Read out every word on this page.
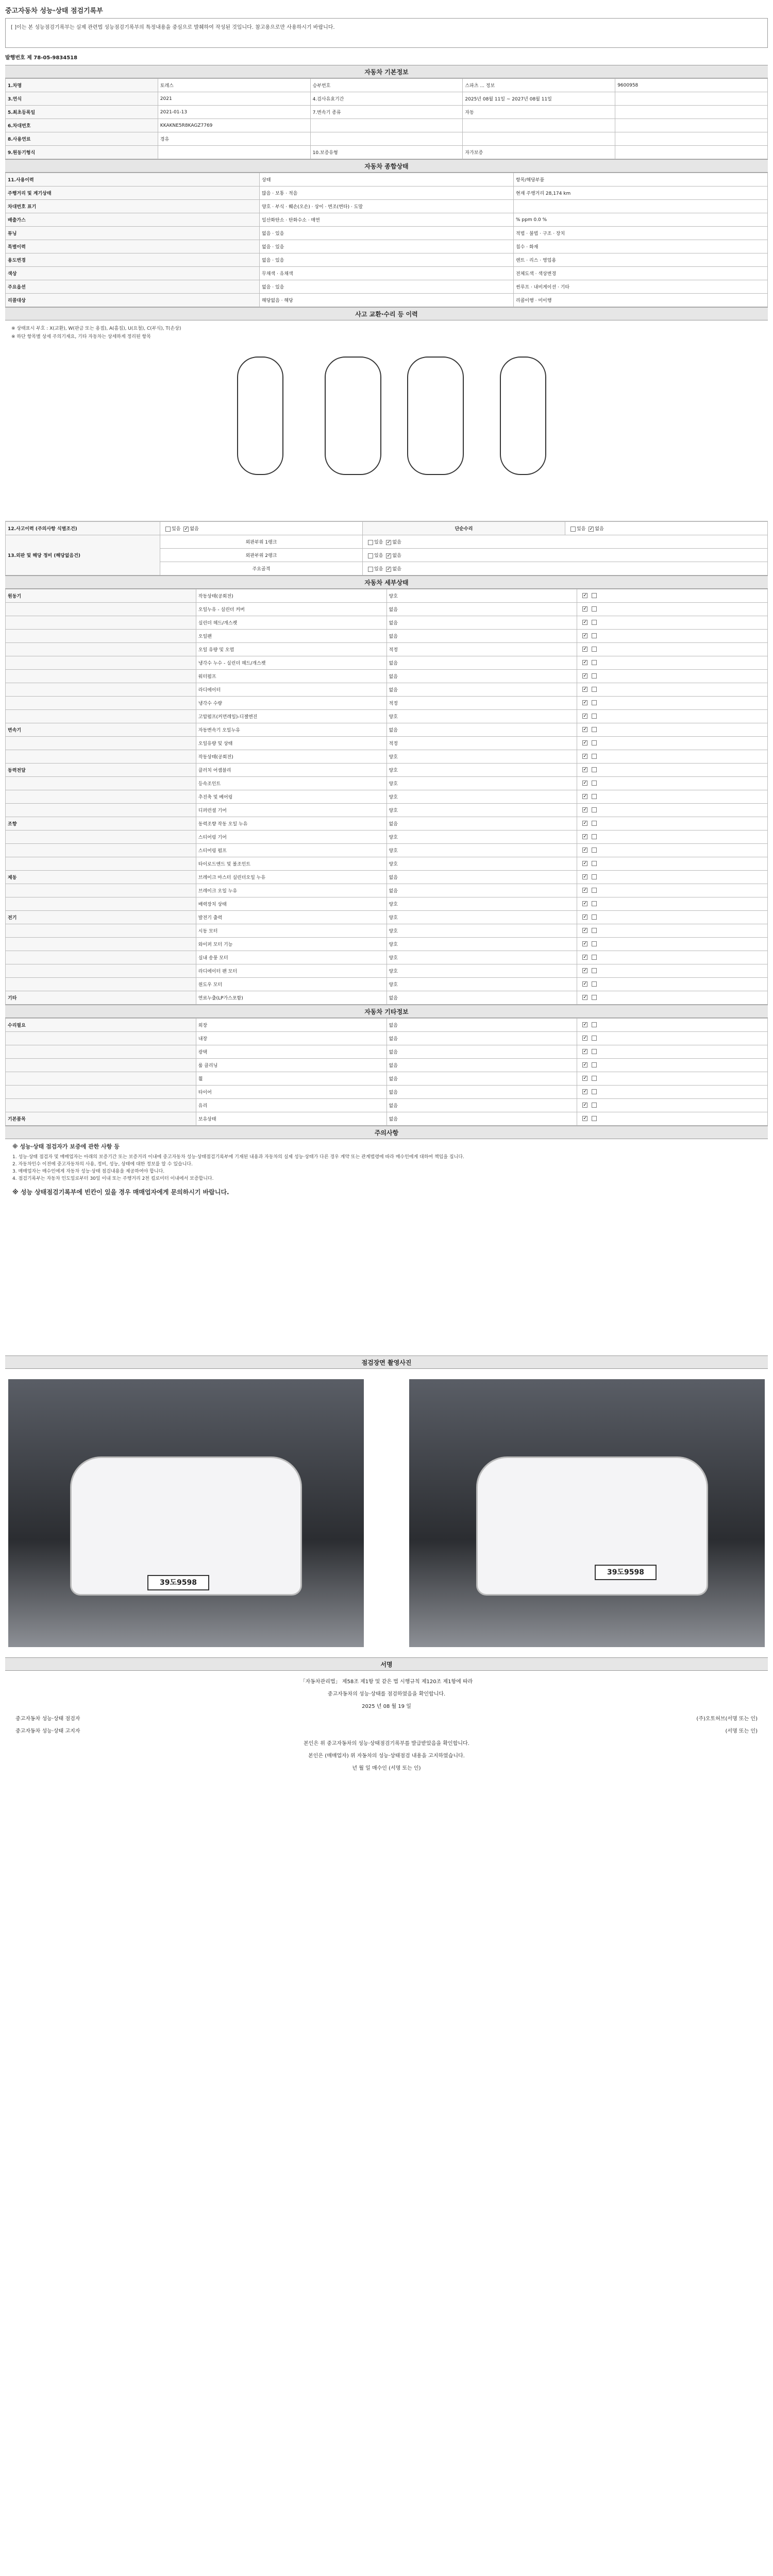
중고자동차 성능·상태 점검기록부
[ ]이는 본 성능점검기록부는 실제 관련법 성능점검기록부의 특정내용을 중심으로 발췌하여 작성된 것입니다. 참고용으로만 사용하시기 바랍니다.
발행번호 제 78-05-9834518
자동차 기본정보
1.차명	토레스	승부번호	스파츠 ... 정보	9600958
3.연식	2021	4.검사유효기간	2025년 08월 11일 ~ 2027년 08월 11일	
5.최초등록일	2021-01-13	7.변속기 종류	자동	
6.차대번호	KKAKNE5R8KAGZ7769			
8.사용연료	경유			
9.원동기형식		10.보증유형	자가보증	
자동차 종합상태
11.사용이력	상태	항목/해당부품
주행거리 및 계기상태	많음 · 보통 · 적음	현재 주행거리 28,174 km
차대번호 표기	양호 · 부식 · 훼손(오손) · 상이 · 변조(변타) · 도말	
배출가스	일산화탄소 · 탄화수소 · 매연	% ppm 0.0 %
튜닝	없음 · 있음	적법 · 불법 · 구조 · 장치
특별이력	없음 · 있음	침수 · 화재
용도변경	없음 · 있음	렌트 · 리스 · 영업용
색상	무채색 · 유채색	전체도색 · 색상변경
주요옵션	없음 · 있음	썬루프 · 내비게이션 · 기타
리콜대상	해당없음 · 해당	리콜이행 · 미이행
사고 교환·수리 등 이력
※ 상태표시 부호 : X(교환), W(판금 또는 용접), A(흠집), U(요철), C(부식), T(손상)
※ 하단 항목별 상세 주의기재요, 기타 자동차는 상세하게 정리된 항목
12.사고이력 (주의사항 식별조건)	있음 ✓ 없음	단순수리	있음 ✓ 없음
13.외판 및 해당 정비 (해당없음건)	외판부위 1랭크	있음 ✓ 없음
	외판부위 2랭크	있음 ✓ 없음
	주요골격	있음 ✓ 없음
자동차 세부상태
원동기	작동상태(공회전)	양호	✓
	오일누유 - 실린더 커버	없음	✓
	실린더 헤드/개스켓	없음	✓
	오일팬	없음	✓
	오일 유량 및 오염	적정	✓
	냉각수 누수 - 실린더 헤드/개스켓	없음	✓
	워터펌프	없음	✓
	라디에이터	없음	✓
	냉각수 수량	적정	✓
	고압펌프(커먼레일)-디젤엔진	양호	✓
변속기	자동변속기 오일누유	없음	✓
	오일유량 및 상태	적정	✓
	작동상태(공회전)	양호	✓
동력전달	클러치 어셈블리	양호	✓
	등속조인트	양호	✓
	추진축 및 베어링	양호	✓
	디퍼런셜 기어	양호	✓
조향	동력조향 작동 오일 누유	없음	✓
	스티어링 기어	양호	✓
	스티어링 펌프	양호	✓
	타이로드엔드 및 볼조인트	양호	✓
제동	브레이크 마스터 실린더오일 누유	없음	✓
	브레이크 오일 누유	없음	✓
	배력장치 상태	양호	✓
전기	발전기 출력	양호	✓
	시동 모터	양호	✓
	와이퍼 모터 기능	양호	✓
	실내 송풍 모터	양호	✓
	라디에이터 팬 모터	양호	✓
	윈도우 모터	양호	✓
기타	연료누출(LP가스포함)	없음	✓
자동차 기타정보
수리필요	외장	없음	✓
	내장	없음	✓
	광택	없음	✓
	룸 클리닝	없음	✓
	휠	없음	✓
	타이어	없음	✓
	유리	없음	✓
기본품목	보유상태	없음	✓
주의사항
※ 성능·상태 점검자가 보증에 관한 사항 등
1. 성능·상태 점검자 및 매매업자는 아래의 보증기간 또는 보증거리 이내에 중고자동차 성능·상태점검기록부에 기재된 내용과 자동차의 실제 성능·상태가 다른 경우 계약 또는 관계법령에 따라 매수인에게 대하여 책임을 집니다.
2. 자동차인수 이전에 중고자동차의 사용, 정비, 성능, 상태에 대한 정보를 알 수 있습니다.
3. 매매업자는 매수인에게 자동차 성능·상태 점검내용을 제공하여야 합니다.
4. 점검기록부는 자동차 인도일로부터 30일 이내 또는 주행거리 2천 킬로미터 이내에서 보증합니다.
※ 성능 상태점검기록부에 빈칸이 있을 경우 매매업자에게 문의하시기 바랍니다.
점검장면 촬영사진
39도9598
39도9598
서명
「자동차관리법」 제58조 제1항 및 같은 법 시행규칙 제120조 제1항에 따라
중고자동차의 성능·상태를 점검하였음을 확인합니다.
2025 년 08 월 19 일
중고자동차 성능·상태 점검자	(주)오토허브(서명 또는 인)
중고자동차 성능·상태 고지자	(서명 또는 인)
본인은 위 중고자동차의 성능·상태점검기록부를 발급받았음을 확인합니다.
본인은 (매매업자) 위 자동차의 성능·상태점검 내용을 고지하였습니다.
년 월 일 매수인 (서명 또는 인)
